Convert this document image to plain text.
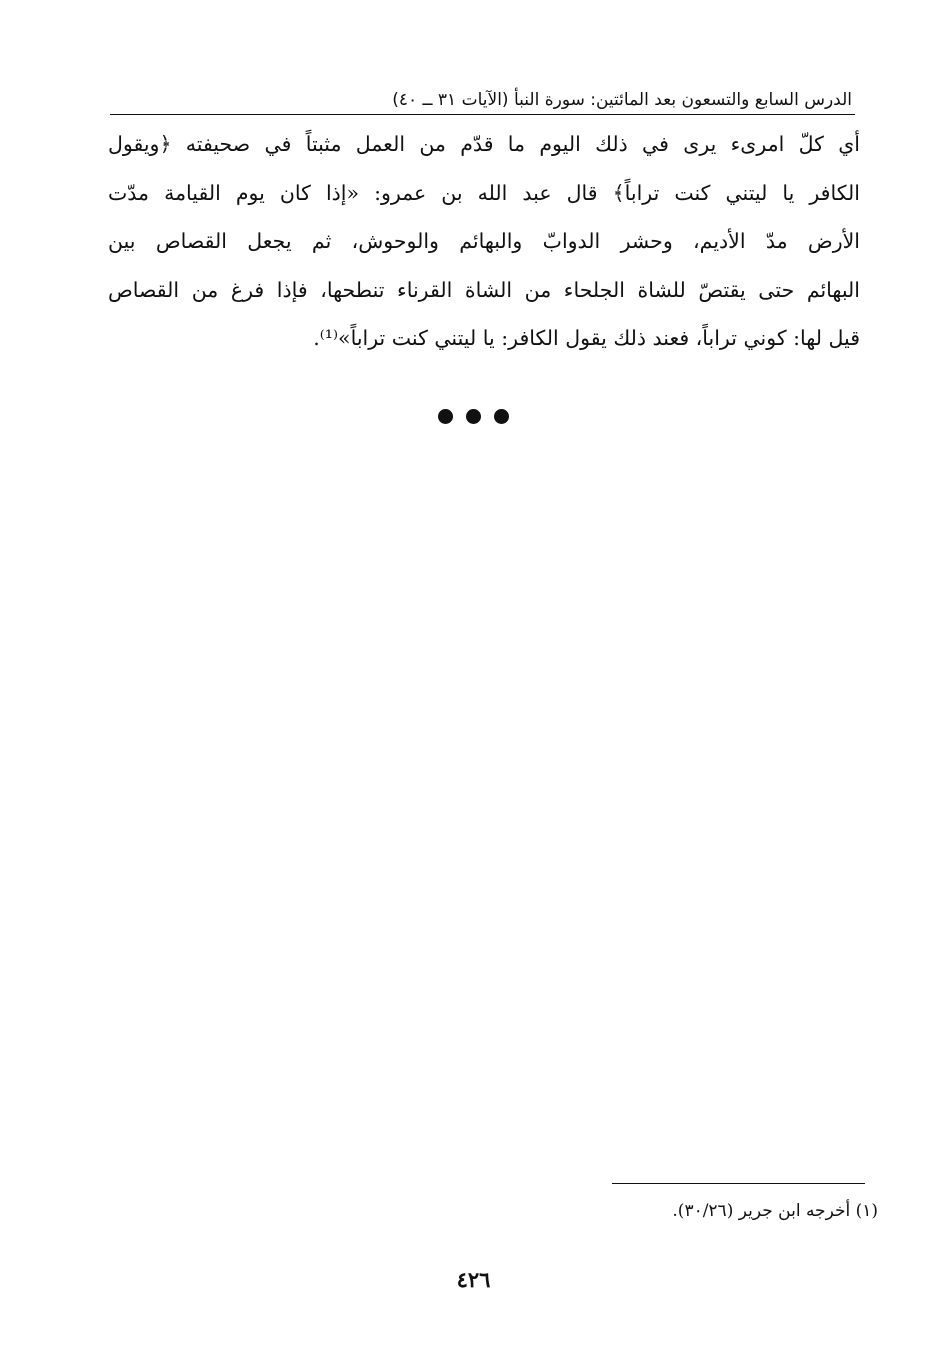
الدرس السابع والتسعون بعد المائتين: سورة النبأ (الآيات ٣١ ــ ٤٠)
أي كلّ امرىء يرى في ذلك اليوم ما قدّم من العمل مثبتاً في صحيفته ﴿ويقول
الكافر يا ليتني كنت تراباً﴾ قال عبد الله بن عمرو: «إذا كان يوم القيامة مدّت
الأرض مدّ الأديم، وحشر الدوابّ والبهائم والوحوش، ثم يجعل القصاص بين
البهائم حتى يقتصّ للشاة الجلحاء من الشاة القرناء تنطحها، فإذا فرغ من القصاص
قيل لها: كوني تراباً، فعند ذلك يقول الكافر: يا ليتني كنت تراباً»⁽¹⁾.
(١) أخرجه ابن جرير (٣٠/٢٦).
٤٢٦
